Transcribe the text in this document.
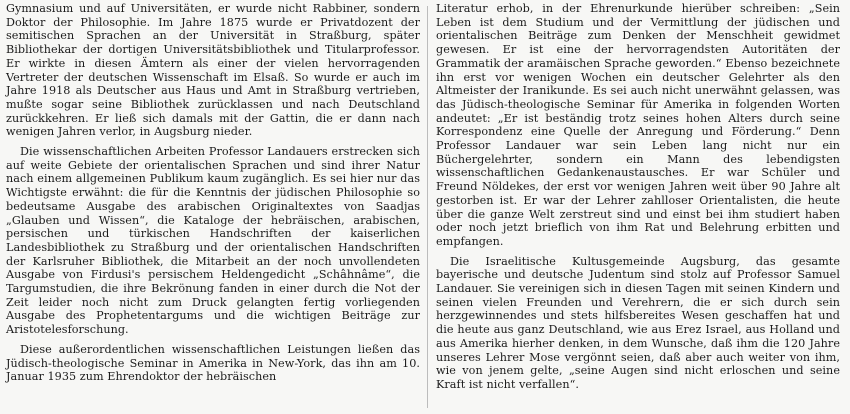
Gymnasium und auf Universitäten, er wurde nicht Rabbiner, sondern Doktor der Philosophie. Im Jahre 1875 wurde er Privatdozent der semitischen Sprachen an der Universität in Straßburg, später Bibliothekar der dortigen Universitätsbibliothek und Titularprofessor. Er wirkte in diesen Ämtern als einer der vielen hervorragenden Vertreter der deutschen Wissenschaft im Elsaß. So wurde er auch im Jahre 1918 als Deutscher aus Haus und Amt in Straßburg vertrieben, mußte sogar seine Bibliothek zurücklassen und nach Deutschland zurückkehren. Er ließ sich damals mit der Gattin, die er dann nach wenigen Jahren verlor, in Augsburg nieder.

Die wissenschaftlichen Arbeiten Professor Landauers erstrecken sich auf weite Gebiete der orientalischen Sprachen und sind ihrer Natur nach einem allgemeinen Publikum kaum zugänglich. Es sei hier nur das Wichtigste erwähnt: die für die Kenntnis der jüdischen Philosophie so bedeutsame Ausgabe des arabischen Originaltextes von Saadjas „Glauben und Wissen“, die Kataloge der hebräischen, arabischen, persischen und türkischen Handschriften der kaiserlichen Landesbibliothek zu Straßburg und der orientalischen Handschriften der Karlsruher Bibliothek, die Mitarbeit an der noch unvollendeten Ausgabe von Firdusi's persischem Heldengedicht „Schâhnâme“, die Targumstudien, die ihre Bekrönung fanden in einer durch die Not der Zeit leider noch nicht zum Druck gelangten fertig vorliegenden Ausgabe des Prophetentargums und die wichtigen Beiträge zur Aristotelesforschung.

Diese außerordentlichen wissenschaftlichen Leistungen ließen das Jüdisch-theologische Seminar in Amerika in New-York, das ihn am 10. Januar 1935 zum Ehrendoktor der hebräischen

Literatur erhob, in der Ehrenurkunde hierüber schreiben: „Sein Leben ist dem Studium und der Vermittlung der jüdischen und orientalischen Beiträge zum Denken der Menschheit gewidmet gewesen. Er ist eine der hervorragendsten Autoritäten der Grammatik der aramäischen Sprache geworden.“ Ebenso bezeichnete ihn erst vor wenigen Wochen ein deutscher Gelehrter als den Altmeister der Iranikunde. Es sei auch nicht unerwähnt gelassen, was das Jüdisch-theologische Seminar für Amerika in folgenden Worten andeutet: „Er ist beständig trotz seines hohen Alters durch seine Korrespondenz eine Quelle der Anregung und Förderung.“ Denn Professor Landauer war sein Leben lang nicht nur ein Büchergelehrter, sondern ein Mann des lebendigsten wissenschaftlichen Gedankenaustausches. Er war Schüler und Freund Nöldekes, der erst vor wenigen Jahren weit über 90 Jahre alt gestorben ist. Er war der Lehrer zahlloser Orientalisten, die heute über die ganze Welt zerstreut sind und einst bei ihm studiert haben oder noch jetzt brieflich von ihm Rat und Belehrung erbitten und empfangen.

Die Israelitische Kultusgemeinde Augsburg, das gesamte bayerische und deutsche Judentum sind stolz auf Professor Samuel Landauer. Sie vereinigen sich in diesen Tagen mit seinen Kindern und seinen vielen Freunden und Verehrern, die er sich durch sein herzgewinnendes und stets hilfsbereites Wesen geschaffen hat und die heute aus ganz Deutschland, wie aus Erez Israel, aus Holland und aus Amerika hierher denken, in dem Wunsche, daß ihm die 120 Jahre unseres Lehrer Mose vergönnt seien, daß aber auch weiter von ihm, wie von jenem gelte, „seine Augen sind nicht erloschen und seine Kraft ist nicht verfallen“.
